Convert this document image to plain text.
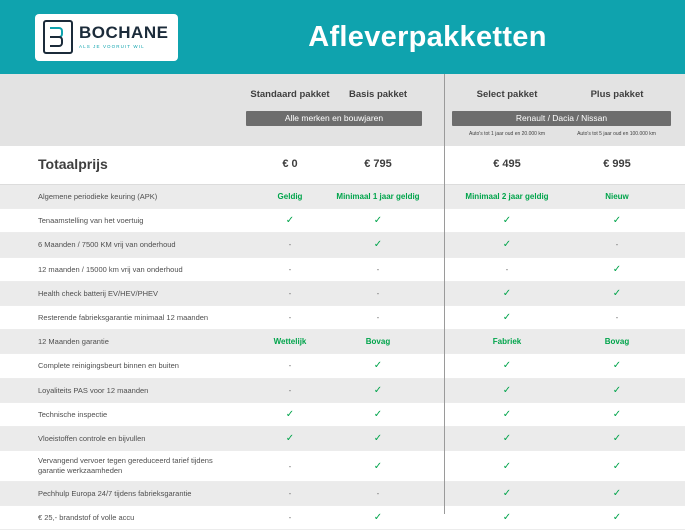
BOCHANE
ALS JE VOORUIT WIL	Afleverpakketten
Standaard pakket	Basis pakket	Select pakket	Plus pakket
Alle merken en bouwjaren	Renault / Dacia / Nissan
Auto's tot 1 jaar oud en 20.000 km	Auto's tot 5 jaar oud en 100.000 km
Totaalprijs	€ 0	€ 795	€ 495	€ 995
Algemene periodieke keuring (APK)	Geldig	Minimaal 1 jaar geldig	Minimaal 2 jaar geldig	Nieuw
Tenaamstelling van het voertuig	✓	✓	✓	✓
6 Maanden / 7500 KM vrij van onderhoud	-	✓	✓	-
12 maanden / 15000 km vrij van onderhoud	-	-	-	✓
Health check batterij EV/HEV/PHEV	-	-	✓	✓
Resterende fabrieksgarantie minimaal 12 maanden	-	-	✓	-
12 Maanden garantie	Wettelijk	Bovag	Fabriek	Bovag
Complete reinigingsbeurt binnen en buiten	-	✓	✓	✓
Loyaliteits PAS voor 12 maanden	-	✓	✓	✓
Technische inspectie	✓	✓	✓	✓
Vloeistoffen controle en bijvullen	✓	✓	✓	✓
Vervangend vervoer tegen gereduceerd tarief tijdens garantie werkzaamheden	-	✓	✓	✓
Pechhulp Europa 24/7 tijdens fabrieksgarantie	-	-	✓	✓
€ 25,- brandstof of volle accu	-	✓	✓	✓
